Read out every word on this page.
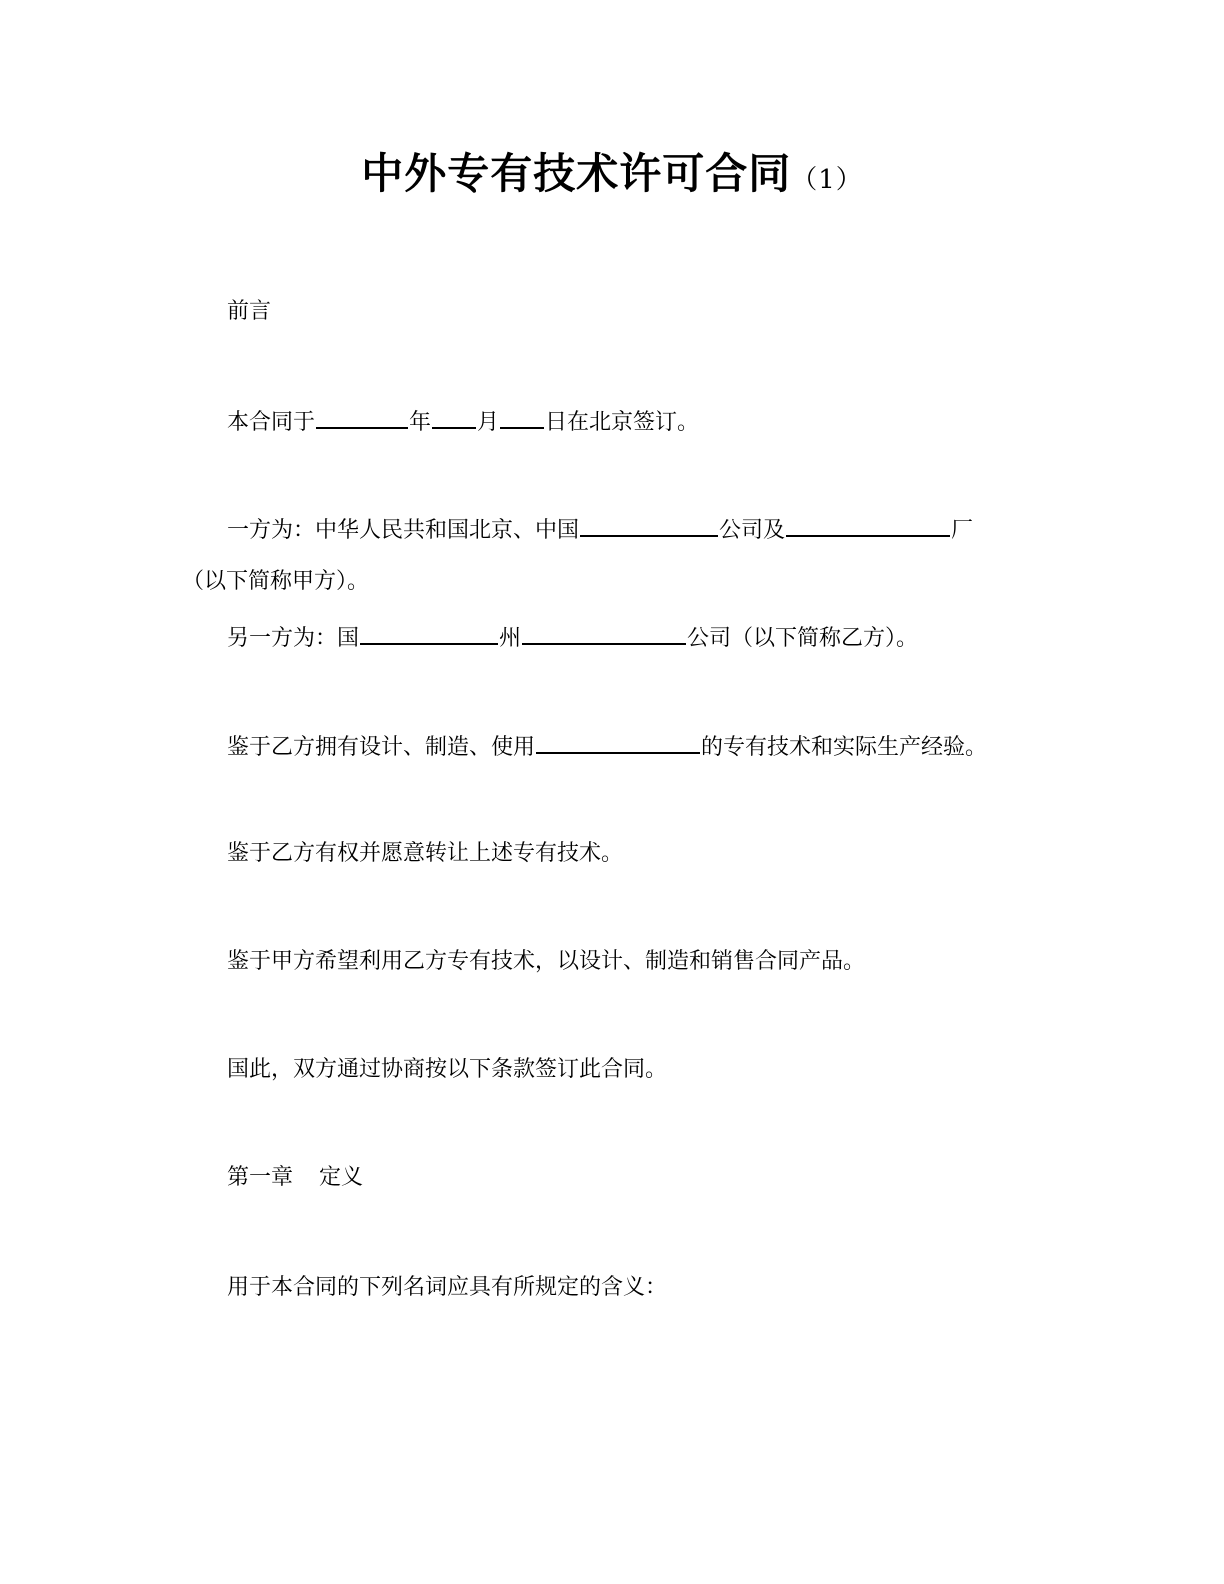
中外专有技术许可合同（1）
前言
本合同于	年 月 日在北京签订。
一方为：中华人民共和国北京、中国	公司及	厂
（以下简称甲方）。
另一方为：国	州	公司（以下简称乙方）。
鉴于乙方拥有设计、制造、使用	的专有技术和实际生产经验。
鉴于乙方有权并愿意转让上述专有技术。
鉴于甲方希望利用乙方专有技术，以设计、制造和销售合同产品。
国此，双方通过协商按以下条款签订此合同。
第一章 定义
用于本合同的下列名词应具有所规定的含义：
